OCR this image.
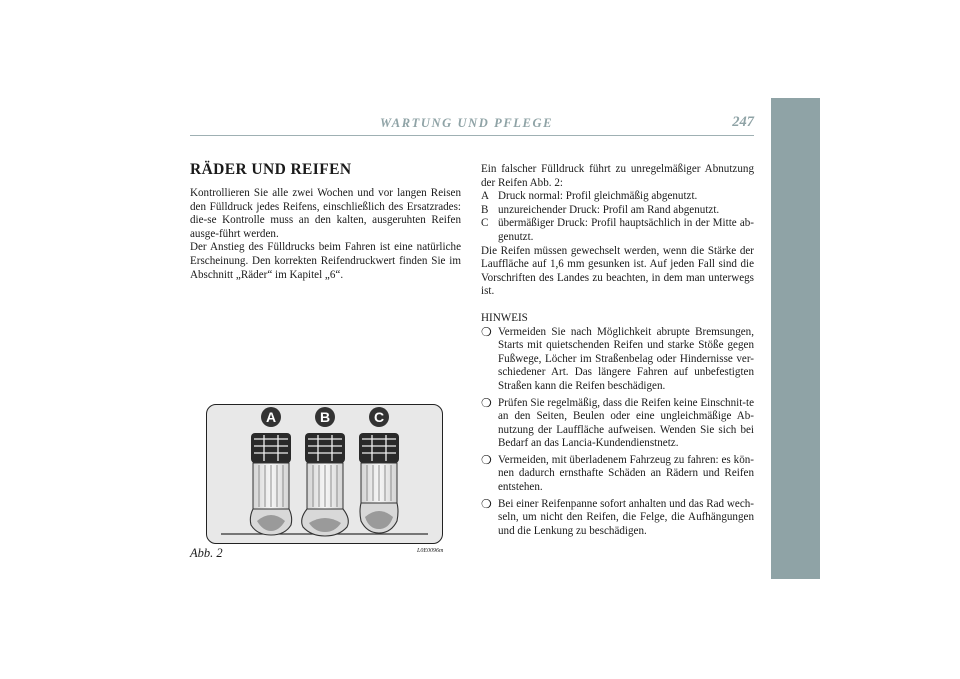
WARTUNG UND PFLEGE	247
RÄDER UND REIFEN

Kontrollieren Sie alle zwei Wochen und vor langen Reisen den Fülldruck jedes Reifens, einschließlich des Ersatzrades: die-se Kontrolle muss an den kalten, ausgeruhten Reifen ausge-führt werden.

Der Anstieg des Fülldrucks beim Fahren ist eine natürliche Erscheinung. Den korrekten Reifendruckwert finden Sie im Abschnitt „Räder“ im Kapitel „6“.

Ein falscher Fülldruck führt zu unregelmäßiger Abnutzung der Reifen Abb. 2:

A Druck normal: Profil gleichmäßig abgenutzt.
B unzureichender Druck: Profil am Rand abgenutzt.
C übermäßiger Druck: Profil hauptsächlich in der Mitte ab-genutzt.

Die Reifen müssen gewechselt werden, wenn die Stärke der Lauffläche auf 1,6 mm gesunken ist. Auf jeden Fall sind die Vorschriften des Landes zu beachten, in dem man unterwegs ist.

HINWEIS

❍ Vermeiden Sie nach Möglichkeit abrupte Bremsungen, Starts mit quietschenden Reifen und starke Stöße gegen Fußwege, Löcher im Straßenbelag oder Hindernisse ver-schiedener Art. Das längere Fahren auf unbefestigten Straßen kann die Reifen beschädigen.
❍ Prüfen Sie regelmäßig, dass die Reifen keine Einschnit-te an den Seiten, Beulen oder eine ungleichmäßige Ab-nutzung der Lauffläche aufweisen. Wenden Sie sich bei Bedarf an das Lancia-Kundendienstnetz.
❍ Vermeiden, mit überladenem Fahrzeug zu fahren: es kön-nen dadurch ernsthafte Schäden an Rädern und Reifen entstehen.
❍ Bei einer Reifenpanne sofort anhalten und das Rad wech-seln, um nicht den Reifen, die Felge, die Aufhängungen und die Lenkung zu beschädigen.
A	B	C
Abb. 2	L0E0096m
